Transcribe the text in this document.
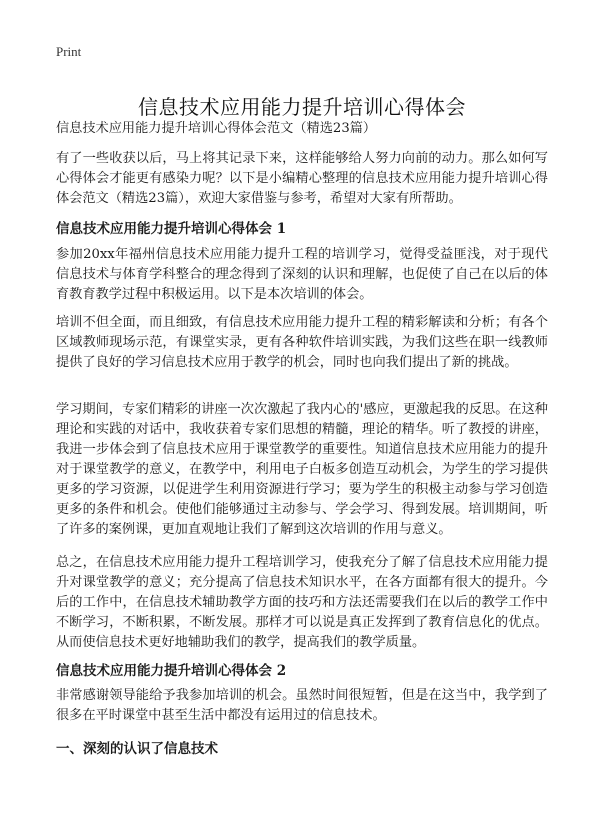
Print
信息技术应用能力提升培训心得体会

信息技术应用能力提升培训心得体会范文（精选23篇）

有了一些收获以后，马上将其记录下来，这样能够给人努力向前的动力。那么如何写心得体会才能更有感染力呢？以下是小编精心整理的信息技术应用能力提升培训心得体会范文（精选23篇），欢迎大家借鉴与参考，希望对大家有所帮助。

信息技术应用能力提升培训心得体会 1

参加20xx年福州信息技术应用能力提升工程的培训学习，觉得受益匪浅，对于现代信息技术与体育学科整合的理念得到了深刻的认识和理解，也促使了自己在以后的体育教育教学过程中积极运用。以下是本次培训的体会。

培训不但全面，而且细致，有信息技术应用能力提升工程的精彩解读和分析；有各个区域教师现场示范，有课堂实录，更有各种软件培训实践，为我们这些在职一线教师提供了良好的学习信息技术应用于教学的机会，同时也向我们提出了新的挑战。

学习期间，专家们精彩的讲座一次次激起了我内心的'感应，更激起我的反思。在这种理论和实践的对话中，我收获着专家们思想的精髓，理论的精华。听了教授的讲座，我进一步体会到了信息技术应用于课堂教学的重要性。知道信息技术应用能力的提升对于课堂教学的意义，在教学中，利用电子白板多创造互动机会，为学生的学习提供更多的学习资源，以促进学生利用资源进行学习；要为学生的积极主动参与学习创造更多的条件和机会。使他们能够通过主动参与、学会学习、得到发展。培训期间，听了许多的案例课，更加直观地让我们了解到这次培训的作用与意义。

总之，在信息技术应用能力提升工程培训学习，使我充分了解了信息技术应用能力提升对课堂教学的意义；充分提高了信息技术知识水平，在各方面都有很大的提升。今后的工作中，在信息技术辅助教学方面的技巧和方法还需要我们在以后的教学工作中不断学习，不断积累，不断发展。那样才可以说是真正发挥到了教育信息化的优点。从而使信息技术更好地辅助我们的教学，提高我们的教学质量。

信息技术应用能力提升培训心得体会 2

非常感谢领导能给予我参加培训的机会。虽然时间很短暂，但是在这当中，我学到了很多在平时课堂中甚至生活中都没有运用过的信息技术。

一、深刻的认识了信息技术
